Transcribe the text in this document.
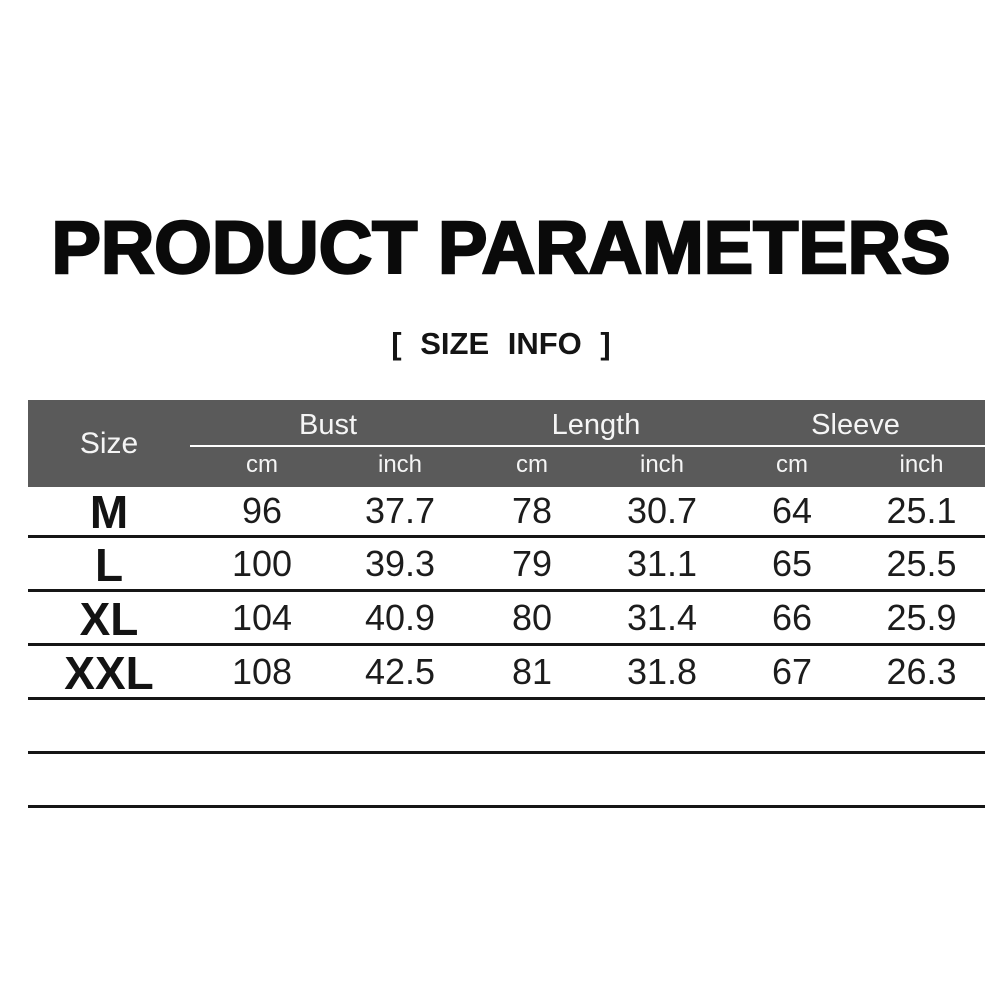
PRODUCT PARAMETERS
[ SIZE INFO ]
Size
Bust	Length	Sleeve
cm	inch	cm	inch	cm	inch
M	96	37.7	78	30.7	64	25.1
L	100	39.3	79	31.1	65	25.5
XL	104	40.9	80	31.4	66	25.9
XXL	108	42.5	81	31.8	67	26.3
